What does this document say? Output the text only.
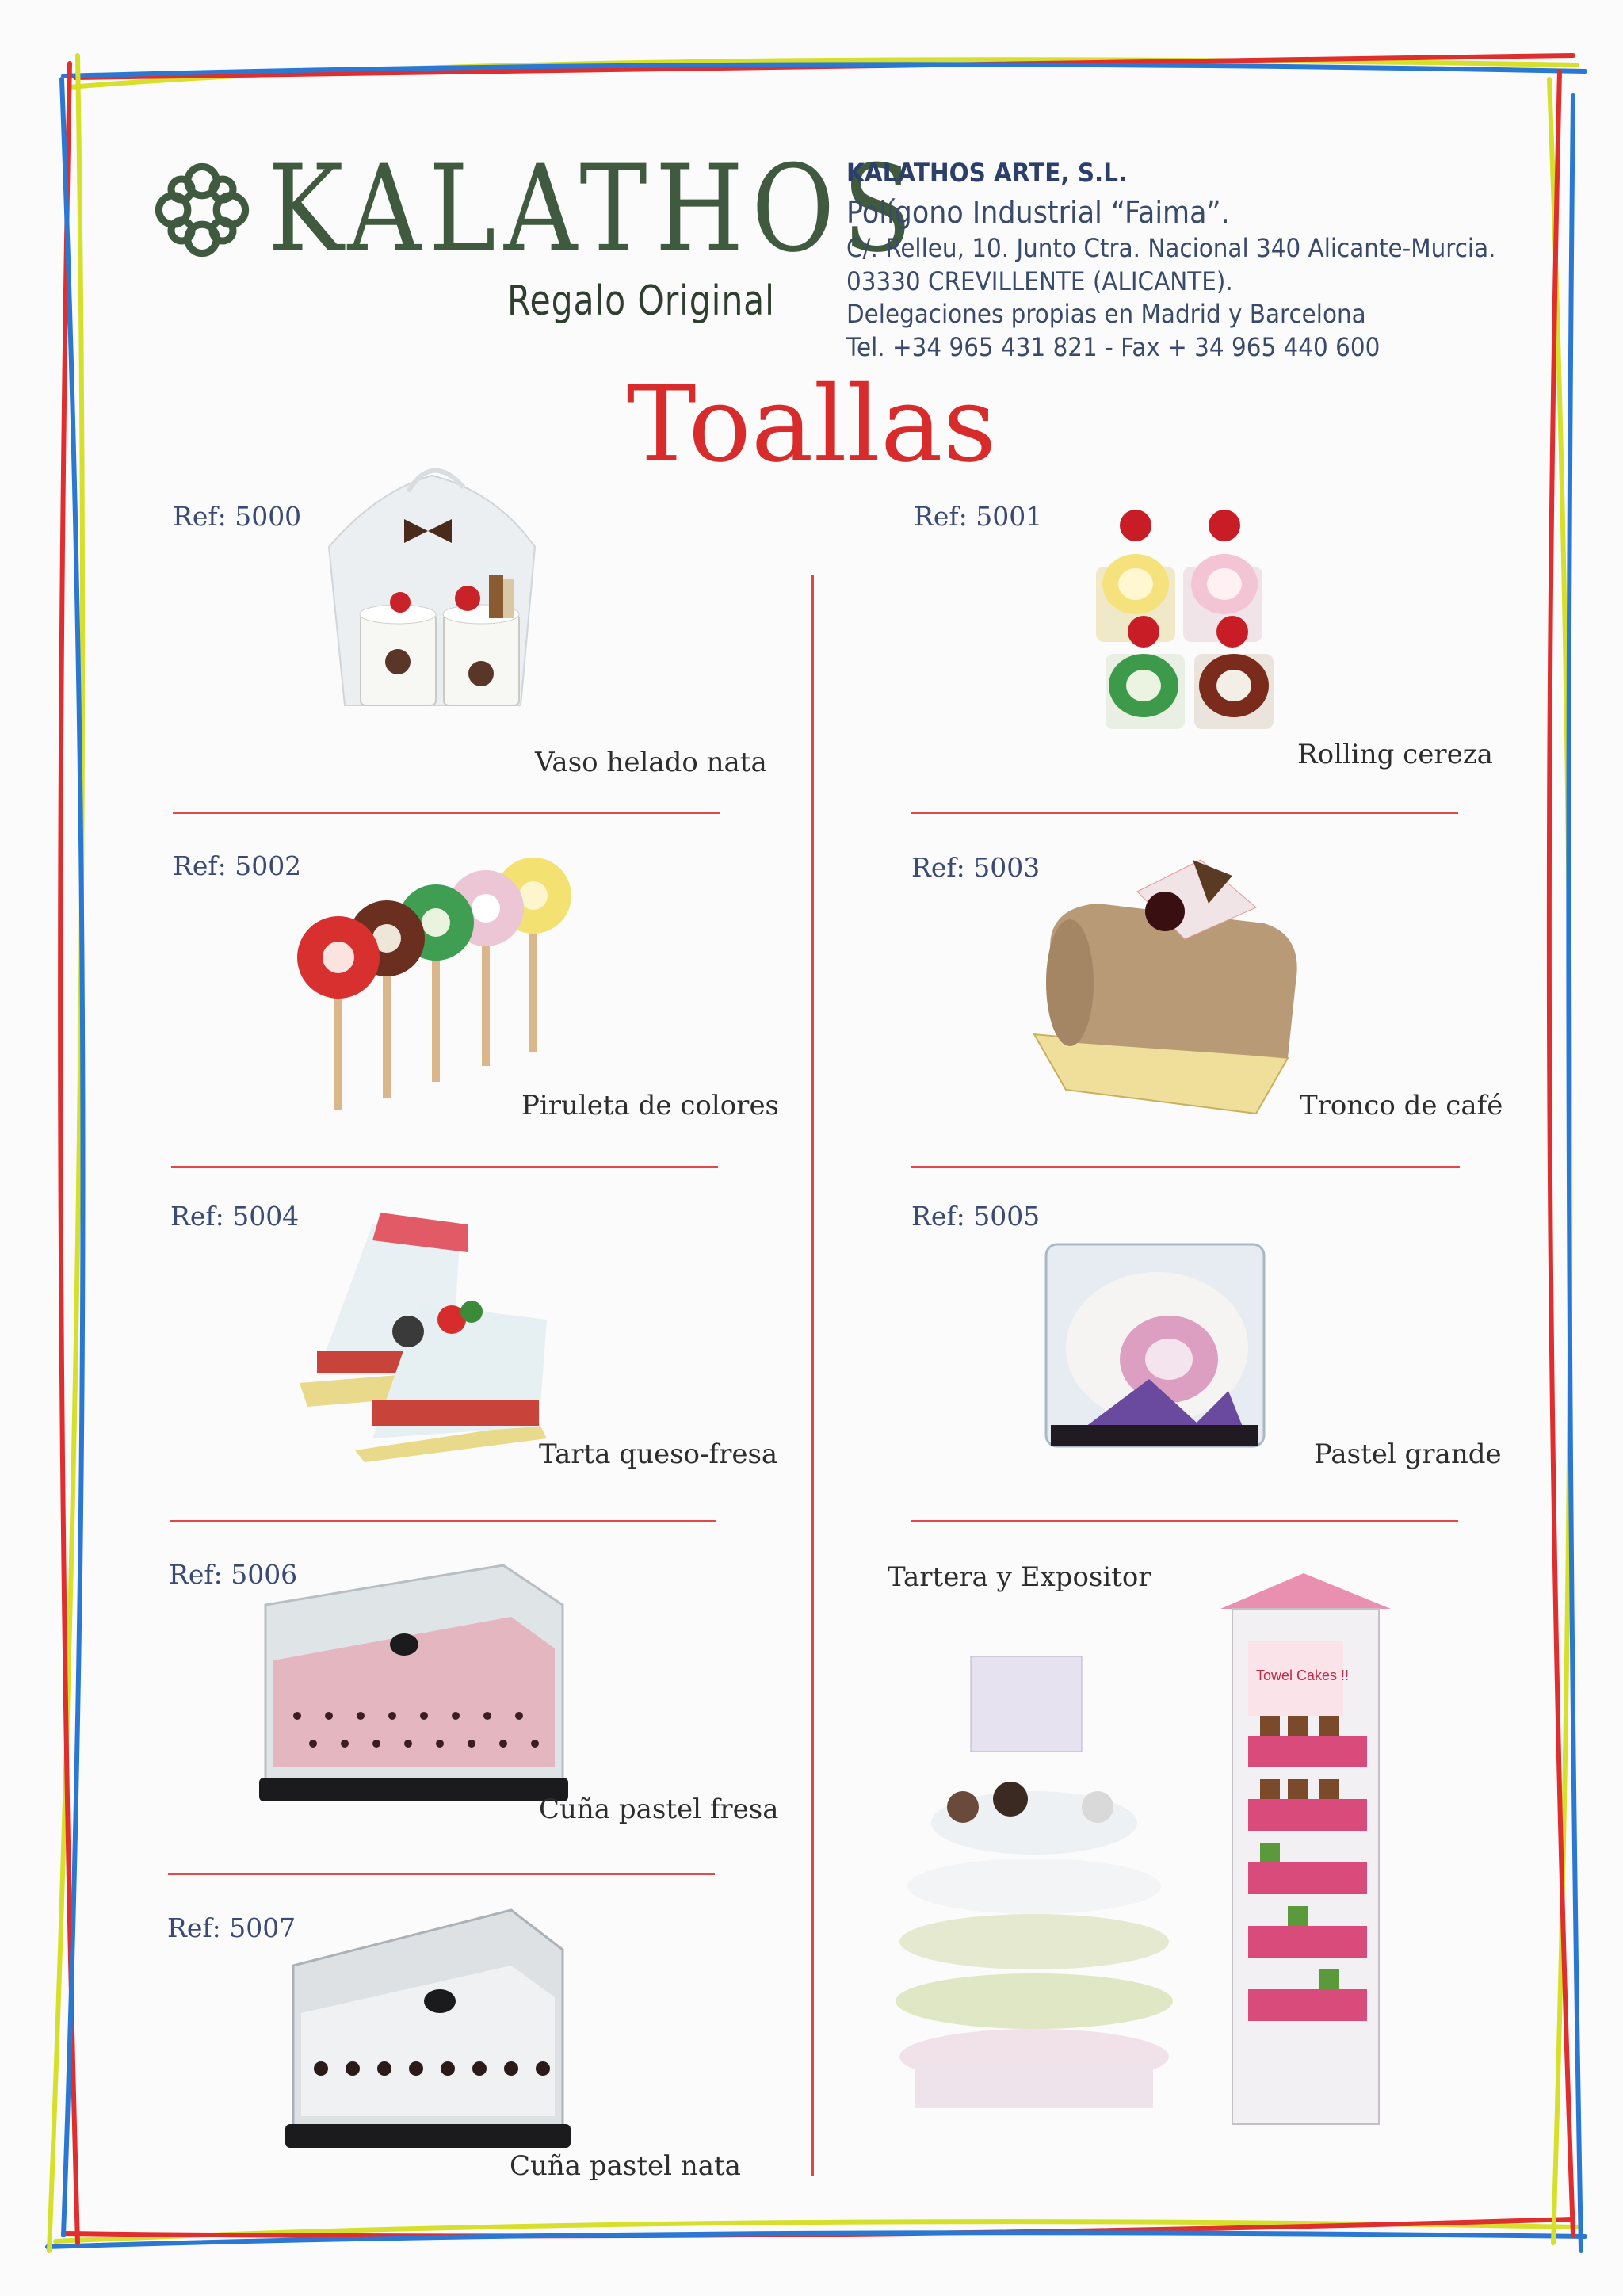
KALATHOS
Regalo Original
KALATHOS ARTE, S.L.
Polígono Industrial “Faima”.
C/. Relleu, 10. Junto Ctra. Nacional 340 Alicante-Murcia.
03330 CREVILLENTE (ALICANTE).
Delegaciones propias en Madrid y Barcelona
Tel. +34 965 431 821 - Fax + 34 965 440 600
Toallas
Ref: 5000
Vaso helado nata
Ref: 5001
Rolling cereza
Ref: 5002
Piruleta de colores
Ref: 5003
Tronco de café
Ref: 5004
Tarta queso-fresa
Ref: 5005
Pastel grande
Ref: 5006
Cuña pastel fresa
Ref: 5007
Cuña pastel nata
Tartera y Expositor
Towel Cakes !!
